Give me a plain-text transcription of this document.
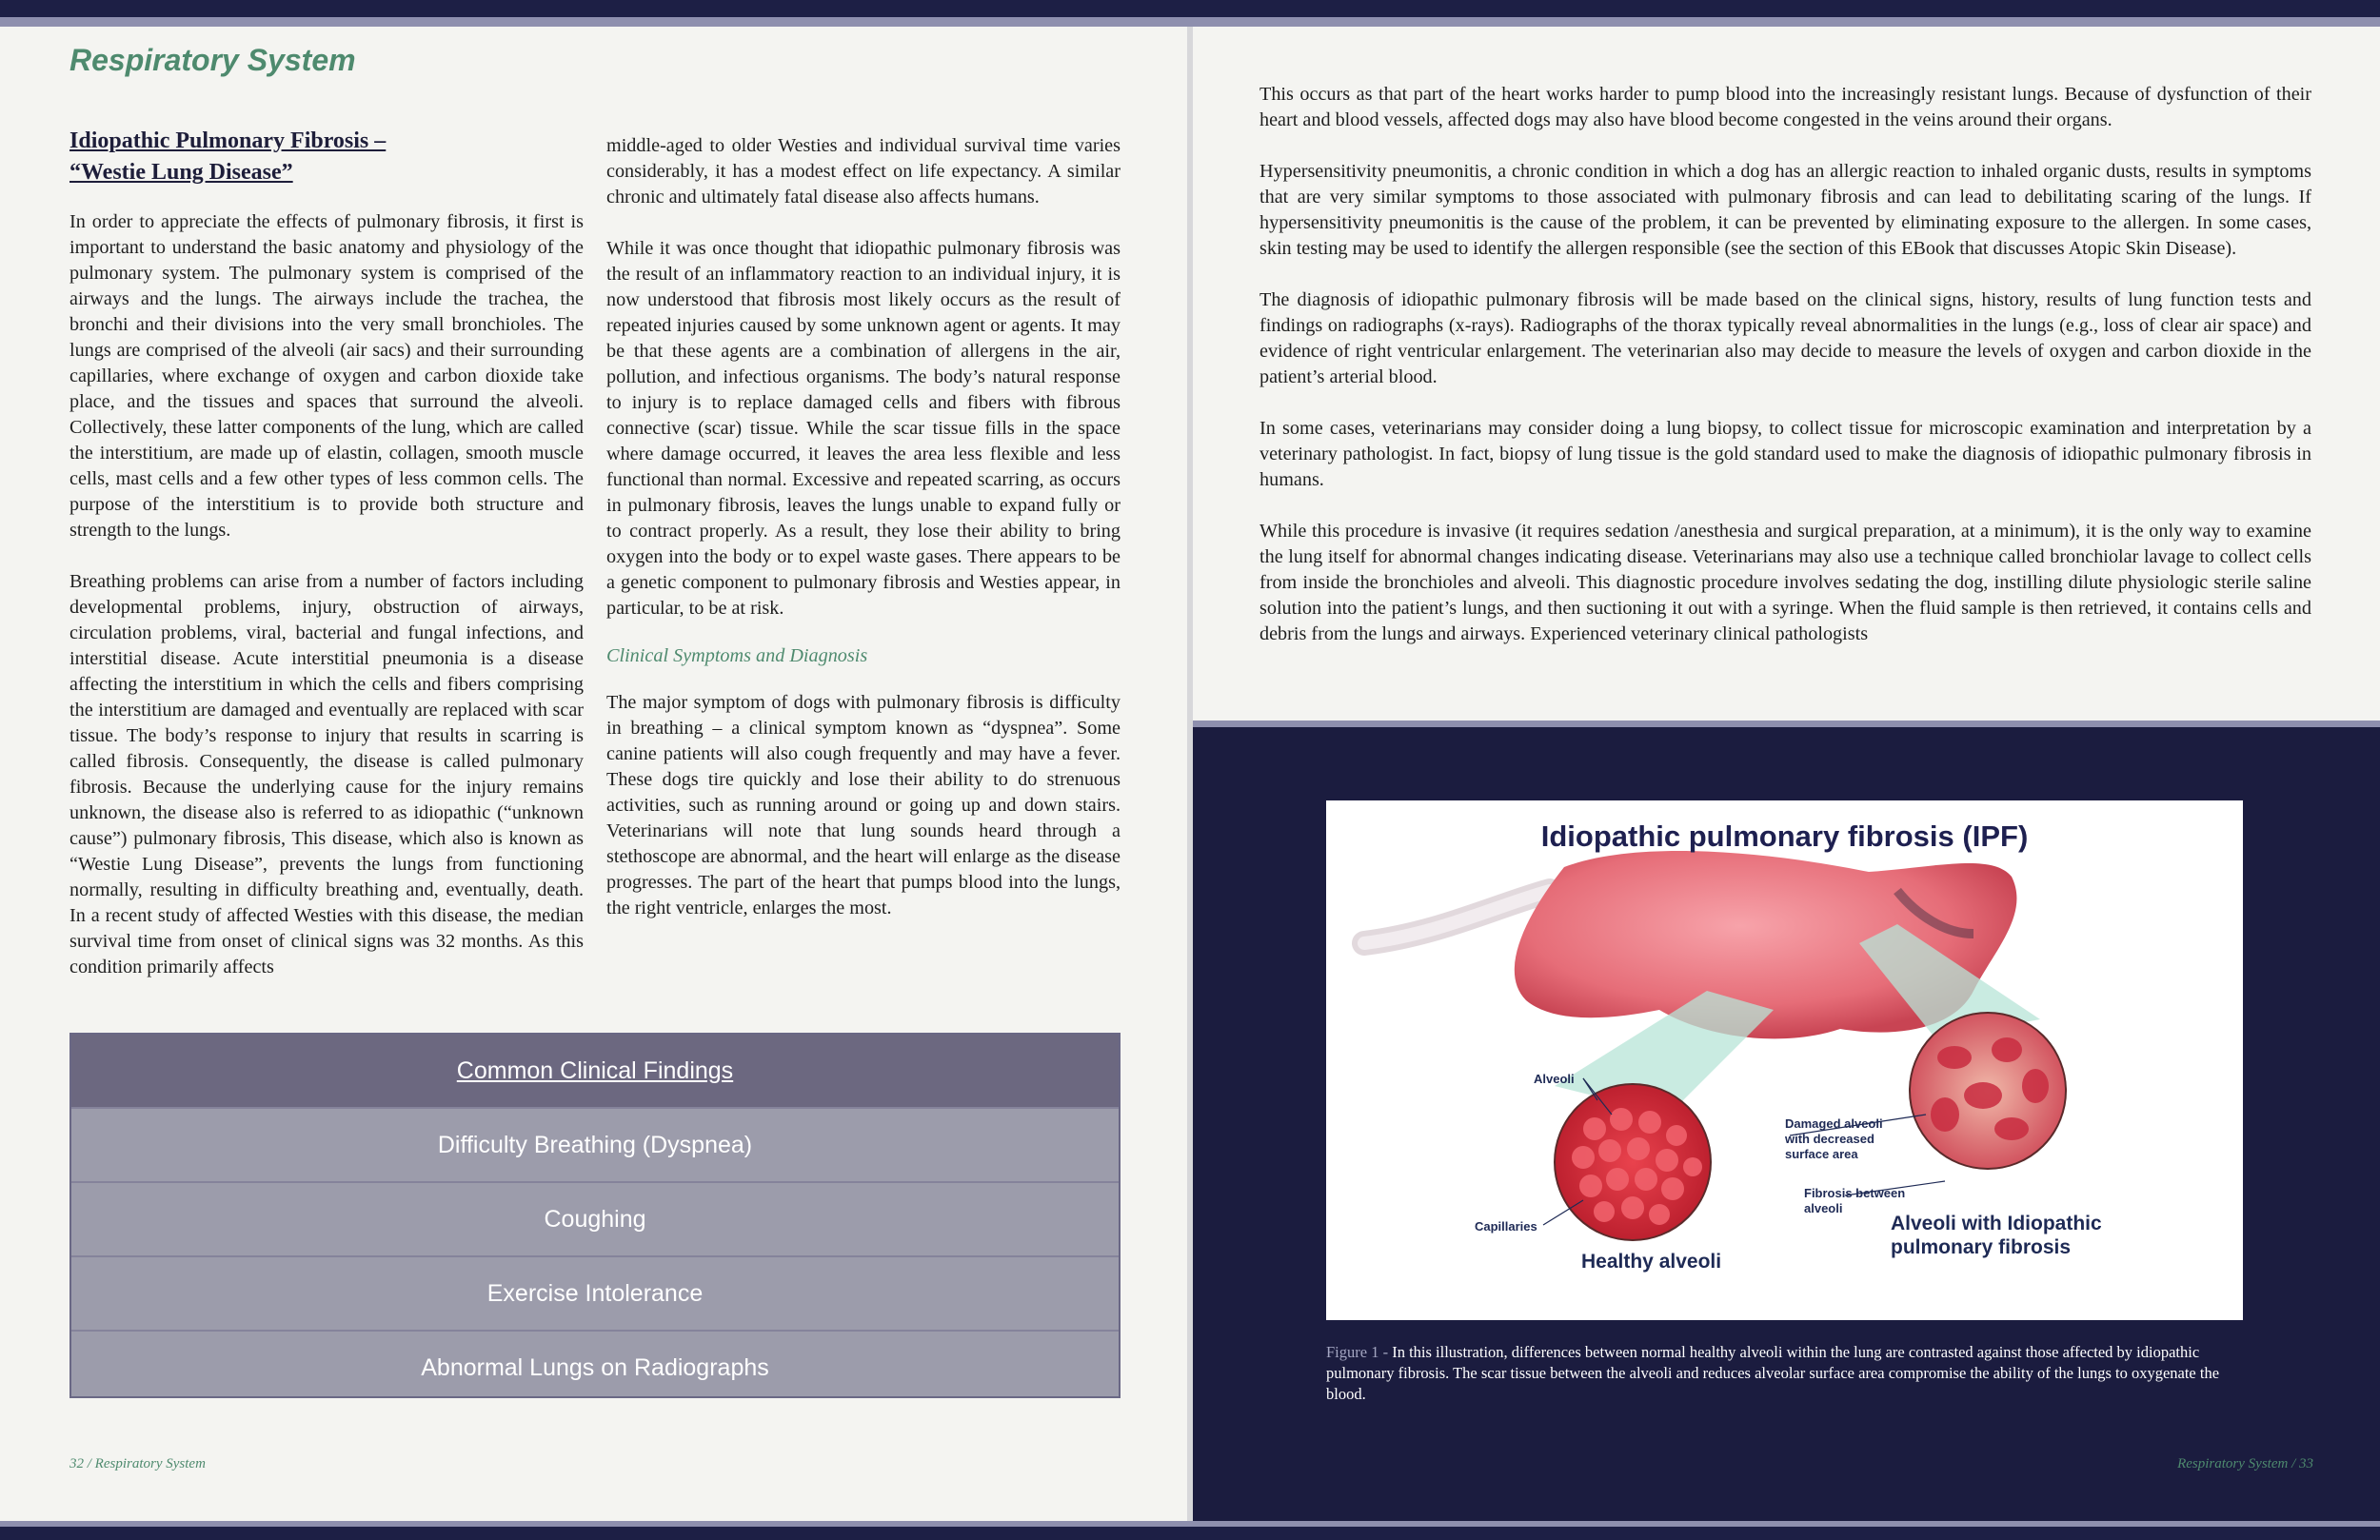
Respiratory System
Idiopathic Pulmonary Fibrosis –
“Westie Lung Disease”

In order to appreciate the effects of pulmonary fibrosis, it first is important to understand the basic anatomy and physiology of the pulmonary system. The pulmonary system is comprised of the airways and the lungs. The airways include the trachea, the bronchi and their divisions into the very small bronchioles. The lungs are comprised of the alveoli (air sacs) and their surrounding capillaries, where exchange of oxygen and carbon dioxide take place, and the tissues and spaces that surround the alveoli. Collectively, these latter components of the lung, which are called the interstitium, are made up of elastin, collagen, smooth muscle cells, mast cells and a few other types of less common cells. The purpose of the interstitium is to provide both structure and strength to the lungs.

Breathing problems can arise from a number of factors including developmental problems, injury, obstruction of airways, circulation problems, viral, bacterial and fungal infections, and interstitial disease. Acute interstitial pneumonia is a disease affecting the interstitium in which the cells and fibers comprising the interstitium are damaged and eventually are replaced with scar tissue. The body’s response to injury that results in scarring is called fibrosis. Consequently, the disease is called pulmonary fibrosis. Because the underlying cause for the injury remains unknown, the disease also is referred to as idiopathic (“unknown cause”) pulmonary fibrosis, This disease, which also is known as “Westie Lung Disease”, prevents the lungs from functioning normally, resulting in difficulty breathing and, eventually, death. In a recent study of affected Westies with this disease, the median survival time from onset of clinical signs was 32 months. As this condition primarily affects

middle-aged to older Westies and individual survival time varies considerably, it has a modest effect on life expectancy. A similar chronic and ultimately fatal disease also affects humans.

While it was once thought that idiopathic pulmonary fibrosis was the result of an inflammatory reaction to an individual injury, it is now understood that fibrosis most likely occurs as the result of repeated injuries caused by some unknown agent or agents. It may be that these agents are a combination of allergens in the air, pollution, and infectious organisms. The body’s natural response to injury is to replace damaged cells and fibers with fibrous connective (scar) tissue. While the scar tissue fills in the space where damage occurred, it leaves the area less flexible and less functional than normal. Excessive and repeated scarring, as occurs in pulmonary fibrosis, leaves the lungs unable to expand fully or to contract properly. As a result, they lose their ability to bring oxygen into the body or to expel waste gases. There appears to be a genetic component to pulmonary fibrosis and Westies appear, in particular, to be at risk.

Clinical Symptoms and Diagnosis

The major symptom of dogs with pulmonary fibrosis is difficulty in breathing – a clinical symptom known as “dyspnea”. Some canine patients will also cough frequently and may have a fever. These dogs tire quickly and lose their ability to do strenuous activities, such as running around or going up and down stairs. Veterinarians will note that lung sounds heard through a stethoscope are abnormal, and the heart will enlarge as the disease progresses. The part of the heart that pumps blood into the lungs, the right ventricle, enlarges the most.

Common Clinical Findings
Difficulty Breathing (Dyspnea)
Coughing
Exercise Intolerance
Abnormal Lungs on Radiographs
32 / Respiratory System

This occurs as that part of the heart works harder to pump blood into the increasingly resistant lungs. Because of dysfunction of their heart and blood vessels, affected dogs may also have blood become congested in the veins around their organs.

Hypersensitivity pneumonitis, a chronic condition in which a dog has an allergic reaction to inhaled organic dusts, results in symptoms that are very similar symptoms to those associated with pulmonary fibrosis and can lead to debilitating scaring of the lungs. If hypersensitivity pneumonitis is the cause of the problem, it can be prevented by eliminating exposure to the allergen. In some cases, skin testing may be used to identify the allergen responsible (see the section of this EBook that discusses Atopic Skin Disease).

The diagnosis of idiopathic pulmonary fibrosis will be made based on the clinical signs, history, results of lung function tests and findings on radiographs (x-rays). Radiographs of the thorax typically reveal abnormalities in the lungs (e.g., loss of clear air space) and evidence of right ventricular enlargement. The veterinarian also may decide to measure the levels of oxygen and carbon dioxide in the patient’s arterial blood.

In some cases, veterinarians may consider doing a lung biopsy, to collect tissue for microscopic examination and interpretation by a veterinary pathologist. In fact, biopsy of lung tissue is the gold standard used to make the diagnosis of idiopathic pulmonary fibrosis in humans.

While this procedure is invasive (it requires sedation /anesthesia and surgical preparation, at a minimum), it is the only way to examine the lung itself for abnormal changes indicating disease. Veterinarians may also use a technique called bronchiolar lavage to collect cells from inside the bronchioles and alveoli. This diagnostic procedure involves sedating the dog, instilling dilute physiologic sterile saline solution into the patient’s lungs, and then suctioning it out with a syringe. When the fluid sample is then retrieved, it contains cells and debris from the lungs and airways. Experienced veterinary clinical pathologists

Respiratory System / 33
Idiopathic pulmonary fibrosis (IPF)
Alveoli
Capillaries
Healthy alveoli
Damaged alveoli with decreased surface area
Fibrosis between alveoli
Alveoli with Idiopathic pulmonary fibrosis
Figure 1 - In this illustration, differences between normal healthy alveoli within the lung are contrasted against those affected by idiopathic pulmonary fibrosis. The scar tissue between the alveoli and reduces alveolar surface area compromise the ability of the lungs to oxygenate the blood.
